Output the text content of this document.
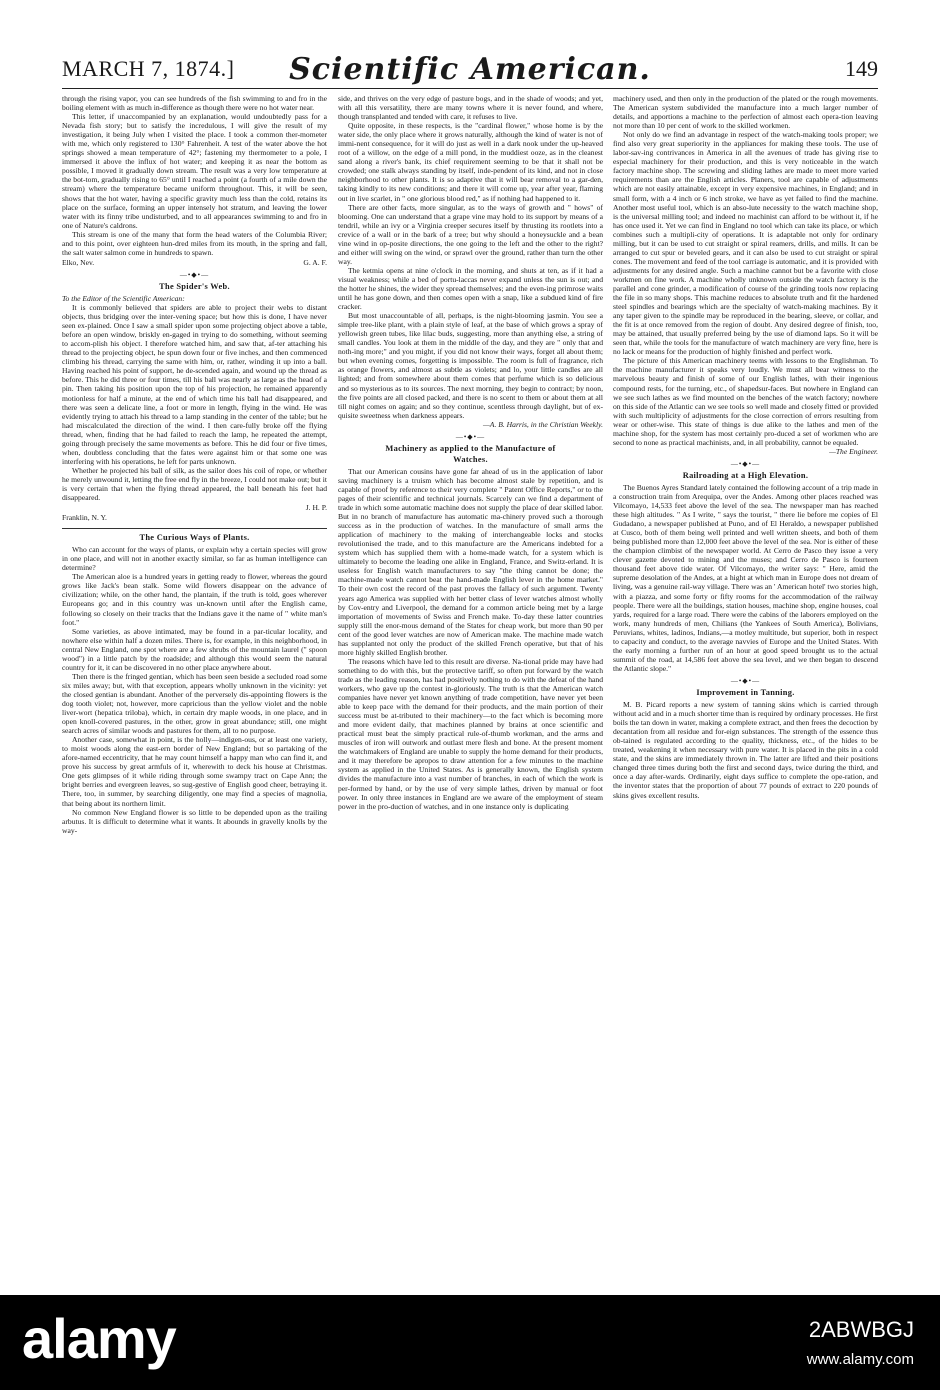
MARCH 7, 1874.]	Scientific American.	149

through the rising vapor, you can see hundreds of the fish swimming to and fro in the boiling element with as much in-difference as though there were no hot water near.

This letter, if unaccompanied by an explanation, would undoubtedly pass for a Nevada fish story; but to satisfy the incredulous, I will give the result of my investigation, it being July when I visited the place. I took a common ther-mometer with me, which only registered to 130° Fahrenheit. A test of the water above the hot springs showed a mean temperature of 42°; fastening my thermometer to a pole, I immersed it above the influx of hot water; and keeping it as near the bottom as possible, I moved it gradually down stream. The result was a very low temperature at the bot-tom, gradually rising to 65° until I reached a point (a fourth of a mile down the stream) where the temperature became uniform throughout. This, it will be seen, shows that the hot water, having a specific gravity much less than the cold, retains its place on the surface, forming an upper intensely hot stratum, and leaving the lower water with its finny tribe undisturbed, and to all appearances swimming to and fro in one of Nature's caldrons.

This stream is one of the many that form the head waters of the Columbia River; and to this point, over eighteen hun-dred miles from its mouth, in the spring and fall, the salt water salmon come in hundreds to spawn.

Elko, Nev.	G. A. F.
—•◆•—
The Spider's Web.

To the Editor of the Scientific American:

It is commonly believed that spiders are able to project their webs to distant objects, thus bridging over the inter-vening space; but how this is done, I have never seen ex-plained. Once I saw a small spider upon some projecting object above a table, before an open window, briskly en-gaged in trying to do something, without seeming to accom-plish his object. I therefore watched him, and saw that, af-ter attaching his thread to the projecting object, he spun down four or five inches, and then commenced climbing his thread, carrying the same with him, or, rather, winding it up into a ball. Having reached his point of support, he de-scended again, and wound up the thread as before. This he did three or four times, till his ball was nearly as large as the head of a pin. Then taking his position upon the top of his projection, he remained apparently motionless for half a minute, at the end of which time his ball had disappeared, and there was seen a delicate line, a foot or more in length, flying in the wind. He was evidently trying to attach his thread to a lamp standing in the center of the table; but he had miscalculated the direction of the wind. I then care-fully broke off the flying thread, when, finding that he had failed to reach the lamp, he repeated the attempt, going through precisely the same movements as before. This he did four or five times, when, doubtless concluding that the fates were against him or that some one was interfering with his operations, he left for parts unknown.

Whether he projected his ball of silk, as the sailor does his coil of rope, or whether he merely unwound it, letting the free end fly in the breeze, I could not make out; but it is very certain that when the flying thread appeared, the ball beneath his feet had disappeared.

J. H. P.

Franklin, N. Y.

The Curious Ways of Plants.

Who can account for the ways of plants, or explain why a certain species will grow in one place, and will not in another exactly similar, so far as human intelligence can determine?

The American aloe is a hundred years in getting ready to flower, whereas the gourd grows like Jack's bean stalk. Some wild flowers disappear on the advance of civilization; while, on the other hand, the plantain, if the truth is told, goes wherever Europeans go; and in this country was un-known until after the English came, following so closely on their tracks that the Indians gave it the name of " white man's foot."

Some varieties, as above intimated, may be found in a par-ticular locality, and nowhere else within half a dozen miles. There is, for example, in this neighborhood, in central New England, one spot where are a few shrubs of the mountain laurel (" spoon wood") in a little patch by the roadside; and although this would seem the natural country for it, it can be discovered in no other place anywhere about.

Then there is the fringed gentian, which has been seen beside a secluded road some six miles away; but, with that exception, appears wholly unknown in the vicinity: yet the closed gentian is abundant. Another of the perversely dis-appointing flowers is the dog tooth violet; not, however, more capricious than the yellow violet and the noble liver-wort (hepatica triloba), which, in certain dry maple woods, in one place, and in open knoll-covered pastures, in the other, grow in great abundance; still, one might search acres of similar woods and pastures for them, all to no purpose.

Another case, somewhat in point, is the holly—indigen-ous, or at least one variety, to moist woods along the east-ern border of New England; but so partaking of the afore-named eccentricity, that he may count himself a happy man who can find it, and prove his success by great armfuls of it, wherewith to deck his house at Christmas. One gets glimpses of it while riding through some swampy tract on Cape Ann; the bright berries and evergreen leaves, so sug-gestive of English good cheer, betraying it. There, too, in summer, by searching diligently, one may find a species of magnolia, that being about its northern limit.

No common New England flower is so little to be depended upon as the trailing arbutus. It is difficult to determine what it wants. It abounds in gravelly knolls by the way-

side, and thrives on the very edge of pasture bogs, and in the shade of woods; and yet, with all this versatility, there are many towns where it is never found, and where, though transplanted and tended with care, it refuses to live.

Quite opposite, in these respects, is the "cardinal flower," whose home is by the water side, the only place where it grows naturally, although the kind of water is not of immi-nent consequence, for it will do just as well in a dark nook under the up-heaved root of a willow, on the edge of a mill pond, in the muddiest ooze, as in the cleanest sand along a river's bank, its chief requirement seeming to be that it shall not be crowded; one stalk always standing by itself, inde-pendent of its kind, and not in close neighborhood to other plants. It is so adaptive that it will bear removal to a gar-den, taking kindly to its new conditions; and there it will come up, year after year, flaming out in live scarlet, in " one glorious blood red," as if nothing had happened to it.

There are other facts, more singular, as to the ways of growth and " hows" of blooming. One can understand that a grape vine may hold to its support by means of a tendril, while an ivy or a Virginia creeper secures itself by thrusting its rootlets into a crevice of a wall or in the bark of a tree; but why should a honeysuckle and a bean vine wind in op-posite directions, the one going to the left and the other to the right? and either will swing on the wind, or sprawl over the ground, rather than turn the other way.

The ketmia opens at nine o'clock in the morning, and shuts at ten, as if it had a visual weakness; while a bed of portu-laccas never expand unless the sun is out; and the hotter he shines, the wider they spread themselves; and the even-ing primrose waits until he has gone down, and then comes open with a snap, like a subdued kind of fire cracker.

But most unaccountable of all, perhaps, is the night-blooming jasmin. You see a simple tree-like plant, with a plain style of leaf, at the base of which grows a spray of yellowish green tubes, like lilac buds, suggesting, more than anything else, a string of small candles. You look at them in the middle of the day, and they are " only that and noth-ing more;" and you might, if you did not know their ways, forget all about them; but when evening comes, forgetting is impossible. The room is full of fragrance, rich as orange flowers, and almost as subtle as violets; and lo, your little candles are all lighted; and from somewhere about them comes that perfume which is so delicious and so mysterious as to its sources. The next morning, they begin to contract; by noon, the five points are all closed packed, and there is no scent to them or about them at all till night comes on again; and so they continue, scentless through daylight, but of ex-quisite sweetness when darkness appears.

—A. B. Harris, in the Christian Weekly.

—•◆•—
Machinery as applied to the Manufacture of
Watches.

That our American cousins have gone far ahead of us in the application of labor saving machinery is a truism which has become almost stale by repetition, and is capable of proof by reference to their very complete " Patent Office Reports," or to the pages of their scientific and technical journals. Scarcely can we find a department of trade in which some automatic machine does not supply the place of dear skilled labor. But in no branch of manufacture has automatic ma-chinery proved such a thorough success as in the production of watches. In the manufacture of small arms the application of machinery to the making of interchangeable locks and stocks revolutionised the trade, and to this manufacture are the Americans indebted for a system which has supplied them with a home-made watch, for a system which is ultimately to become the leading one alike in England, France, and Switz-erland. It is useless for English watch manufacturers to say "the thing cannot be done; the machine-made watch cannot beat the hand-made English lever in the home market." To their own cost the record of the past proves the fallacy of such argument. Twenty years ago America was supplied with her better class of lever watches almost wholly by Cov-entry and Liverpool, the demand for a common article being met by a large importation of movements of Swiss and French make. To-day these latter countries supply still the enor-mous demand of the States for cheap work, but more than 90 per cent of the good lever watches are now of American make. The machine made watch has supplanted not only the product of the skilled French operative, but that of his more highly skilled English brother.

The reasons which have led to this result are diverse. Na-tional pride may have had something to do with this, but the protective tariff, so often put forward by the watch trade as the leading reason, has had positively nothing to do with the defeat of the hand workers, who gave up the contest in-gloriously. The truth is that the American watch companies have never yet known anything of trade competition, have never yet been able to keep pace with the demand for their products, and the main portion of their success must be at-tributed to their machinery—to the fact which is becoming more and more evident daily, that machines planned by brains at once scientific and practical must beat the simply practical rule-of-thumb workman, and the arms and muscles of iron will outwork and outlast mere flesh and bone. At the present moment the watchmakers of England are unable to supply the home demand for their products, and it may therefore be apropos to draw attention for a few minutes to the machine system as applied in the United States. As is generally known, the English system divides the manufacture into a vast number of branches, in each of which the work is per-formed by hand, or by the use of very simple lathes, driven by manual or foot power. In only three instances in England are we aware of the employment of steam power in the pro-duction of watches, and in one instance only is duplicating

machinery used, and then only in the production of the plated or the rough movements. The American system subdivided the manufacture into a much larger number of details, and apportions a machine to the perfection of almost each opera-tion leaving not more than 10 per cent of work to the skilled workmen.

Not only do we find an advantage in respect of the watch-making tools proper; we find also very great superiority in the appliances for making these tools. The use of labor-sav-ing contrivances in America in all the avenues of trade has giving rise to especial machinery for their production, and this is very noticeable in the watch factory machine shop. The screwing and sliding lathes are made to meet more varied requirements than are the English articles. Planers, tool are capable of adjustments which are not easily attainable, except in very expensive machines, in England; and in small form, with a 4 inch or 6 inch stroke, we have as yet failed to find the machine. Another most useful tool, which is an abso-lute necessity to the watch machine shop, is the universal milling tool; and indeed no machinist can afford to be without it, if he has once used it. Yet we can find in England no tool which can take its place, or which combines such a multipli-city of operations. It is adaptable not only for ordinary milling, but it can be used to cut straight or spiral reamers, drills, and mills. It can be arranged to cut spur or beveled gears, and it can also be used to cut straight or spiral cones. The movement and feed of the tool carriage is automatic, and it is provided with adjustments for any desired angle. Such a machine cannot but be a favorite with close workmen on fine work. A machine wholly unknown outside the watch factory is the parallel and cone grinder, a modification of course of the grinding tools now replacing the file in so many shops. This machine reduces to absolute truth and fit the hardened steel spindles and bearings which are the specialty of watch-making machines. By it any taper given to the spindle may be reproduced in the bearing, sleeve, or collar, and the fit is at once removed from the region of doubt. Any desired degree of finish, too, may be attained, that usually preferred being by the use of diamond laps. So it will be seen that, while the tools for the manufacture of watch machinery are very fine, here is no lack or means for the production of highly finished and perfect work.

The picture of this American machinery teems with lessons to the Englishman. To the machine manufacturer it speaks very loudly. We must all bear witness to the marvelous beauty and finish of some of our English lathes, with their ingenious compound rests, for the turning, etc., of shapedsur-faces. But nowhere in England can we see such lathes as we find mounted on the benches of the watch factory; nowhere on this side of the Atlantic can we see tools so well made and closely fitted or provided with such multiplicity of adjustments for the close correction of errors resulting from wear or other-wise. This state of things is due alike to the lathes and men of the machine shop, for the system has most certainly pro-duced a set of workmen who are second to none as practical machinists, and, in all probability, cannot be equaled.

—The Engineer.

—•◆•—
Railroading at a High Elevation.

The Buenos Ayres Standard lately contained the following account of a trip made in a construction train from Arequipa, over the Andes. Among other places reached was Vilcomayo, 14,533 feet above the level of the sea. The newspaper man has reached these high altitudes. " As I write, " says the tourist, " there lie before me copies of El Gudadano, a newspaper published at Puno, and of El Heraldo, a newspaper published at Cusco, both of them being well printed and well written sheets, and both of them being published more than 12,000 feet above the level of the sea. Nor is either of these the champion climbist of the newspaper world. At Cerro de Pasco they issue a very clever gazette devoted to mining and the muses; and Cerro de Pasco is fourteen thousand feet above tide water. Of Vilcomayo, the writer says: " Here, amid the supreme desolation of the Andes, at a hight at which man in Europe does not dream of living, was a genuine rail-way village. There was an ' American hotel' two stories high, with a piazza, and some forty or fifty rooms for the accommodation of the railway people. There were all the buildings, station houses, machine shop, engine houses, coal yards, required for a large road. There were the cabins of the laborers employed on the work, many hundreds of men, Chilians (the Yankees of South America), Bolivians, Peruvians, whites, ladinos, Indians,—a motley multitude, but superior, both in respect to capacity and conduct, to the average navvies of Europe and the United States. With the early morning a further run of an hour at good speed brought us to the actual summit of the road, at 14,586 feet above the sea level, and we then began to descend the Atlantic slope."

—•◆•—
Improvement in Tanning.

M. B. Picard reports a new system of tanning skins which is carried through without acid and in a much shorter time than is required by ordinary processes. He first boils the tan down in water, making a complete extract, and then frees the decoction by decantation from all residue and for-eign substances. The strength of the essence thus ob-tained is regulated according to the quality, thickness, etc., of the hides to be treated, weakening it when necessary with pure water. It is placed in the pits in a cold state, and the skins are immediately thrown in. The latter are lifted and their positions changed three times during both the first and second days, twice during the third, and once a day after-wards. Ordinarily, eight days suffice to complete the ope-ration, and the inventor states that the proportion of about 77 pounds of extract to 220 pounds of skins gives excellent results.

alamy	2ABWBGJ
www.alamy.com
